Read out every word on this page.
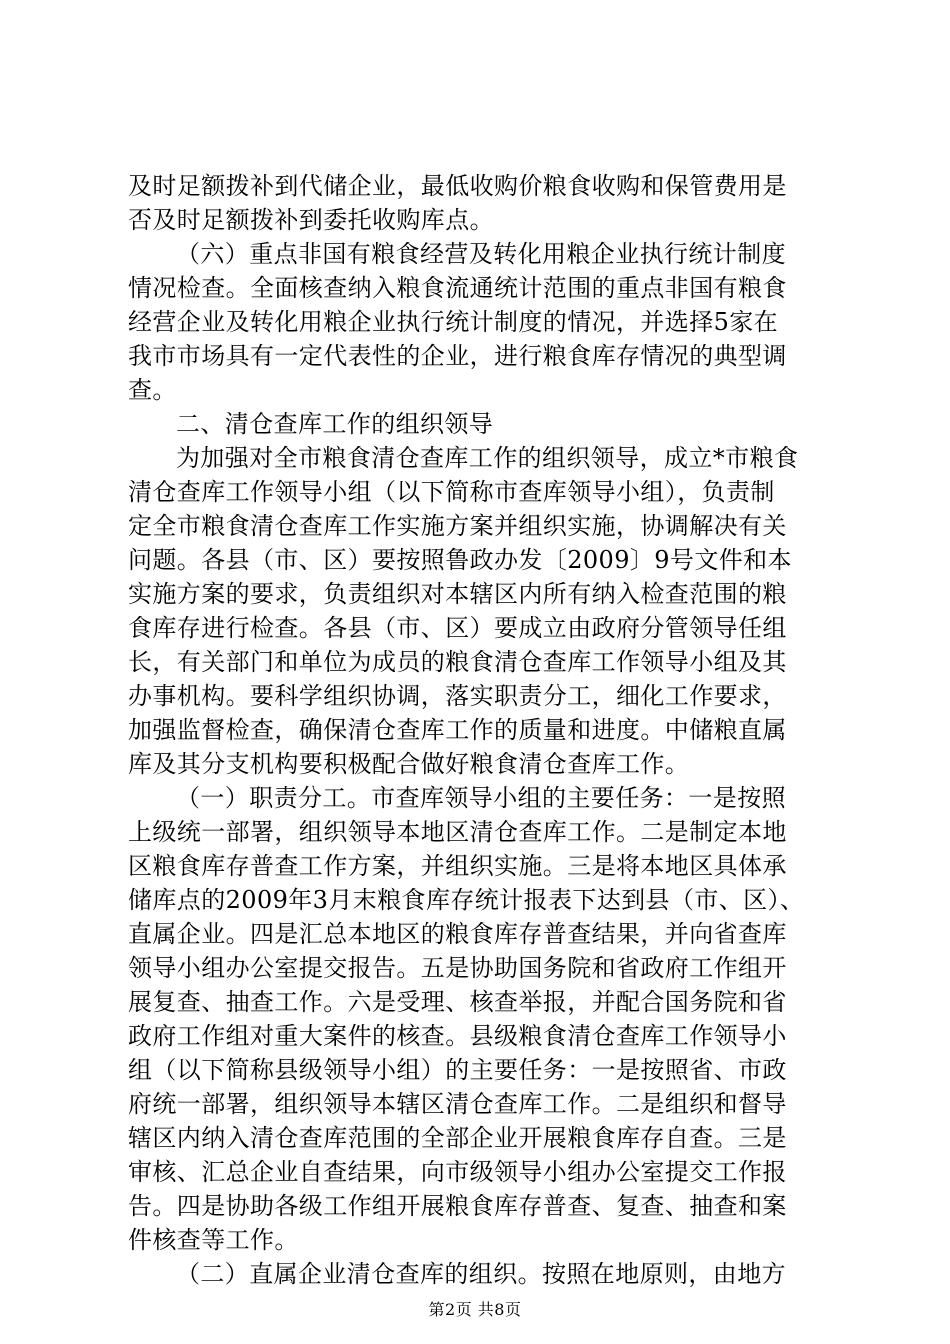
及时足额拨补到代储企业，最低收购价粮食收购和保管费用是
否及时足额拨补到委托收购库点。
（六）重点非国有粮食经营及转化用粮企业执行统计制度
情况检查。全面核查纳入粮食流通统计范围的重点非国有粮食
经营企业及转化用粮企业执行统计制度的情况，并选择5家在
我市市场具有一定代表性的企业，进行粮食库存情况的典型调
查。
二、清仓查库工作的组织领导
为加强对全市粮食清仓查库工作的组织领导，成立*市粮食
清仓查库工作领导小组（以下简称市查库领导小组），负责制
定全市粮食清仓查库工作实施方案并组织实施，协调解决有关
问题。各县（市、区）要按照鲁政办发〔2009〕9号文件和本
实施方案的要求，负责组织对本辖区内所有纳入检查范围的粮
食库存进行检查。各县（市、区）要成立由政府分管领导任组
长，有关部门和单位为成员的粮食清仓查库工作领导小组及其
办事机构。要科学组织协调，落实职责分工，细化工作要求，
加强监督检查，确保清仓查库工作的质量和进度。中储粮直属
库及其分支机构要积极配合做好粮食清仓查库工作。
（一）职责分工。市查库领导小组的主要任务：一是按照
上级统一部署，组织领导本地区清仓查库工作。二是制定本地
区粮食库存普查工作方案，并组织实施。三是将本地区具体承
储库点的2009年3月末粮食库存统计报表下达到县（市、区）、
直属企业。四是汇总本地区的粮食库存普查结果，并向省查库
领导小组办公室提交报告。五是协助国务院和省政府工作组开
展复查、抽查工作。六是受理、核查举报，并配合国务院和省
政府工作组对重大案件的核查。县级粮食清仓查库工作领导小
组（以下简称县级领导小组）的主要任务：一是按照省、市政
府统一部署，组织领导本辖区清仓查库工作。二是组织和督导
辖区内纳入清仓查库范围的全部企业开展粮食库存自查。三是
审核、汇总企业自查结果，向市级领导小组办公室提交工作报
告。四是协助各级工作组开展粮食库存普查、复查、抽查和案
件核查等工作。
（二）直属企业清仓查库的组织。按照在地原则，由地方
第2页 共8页
